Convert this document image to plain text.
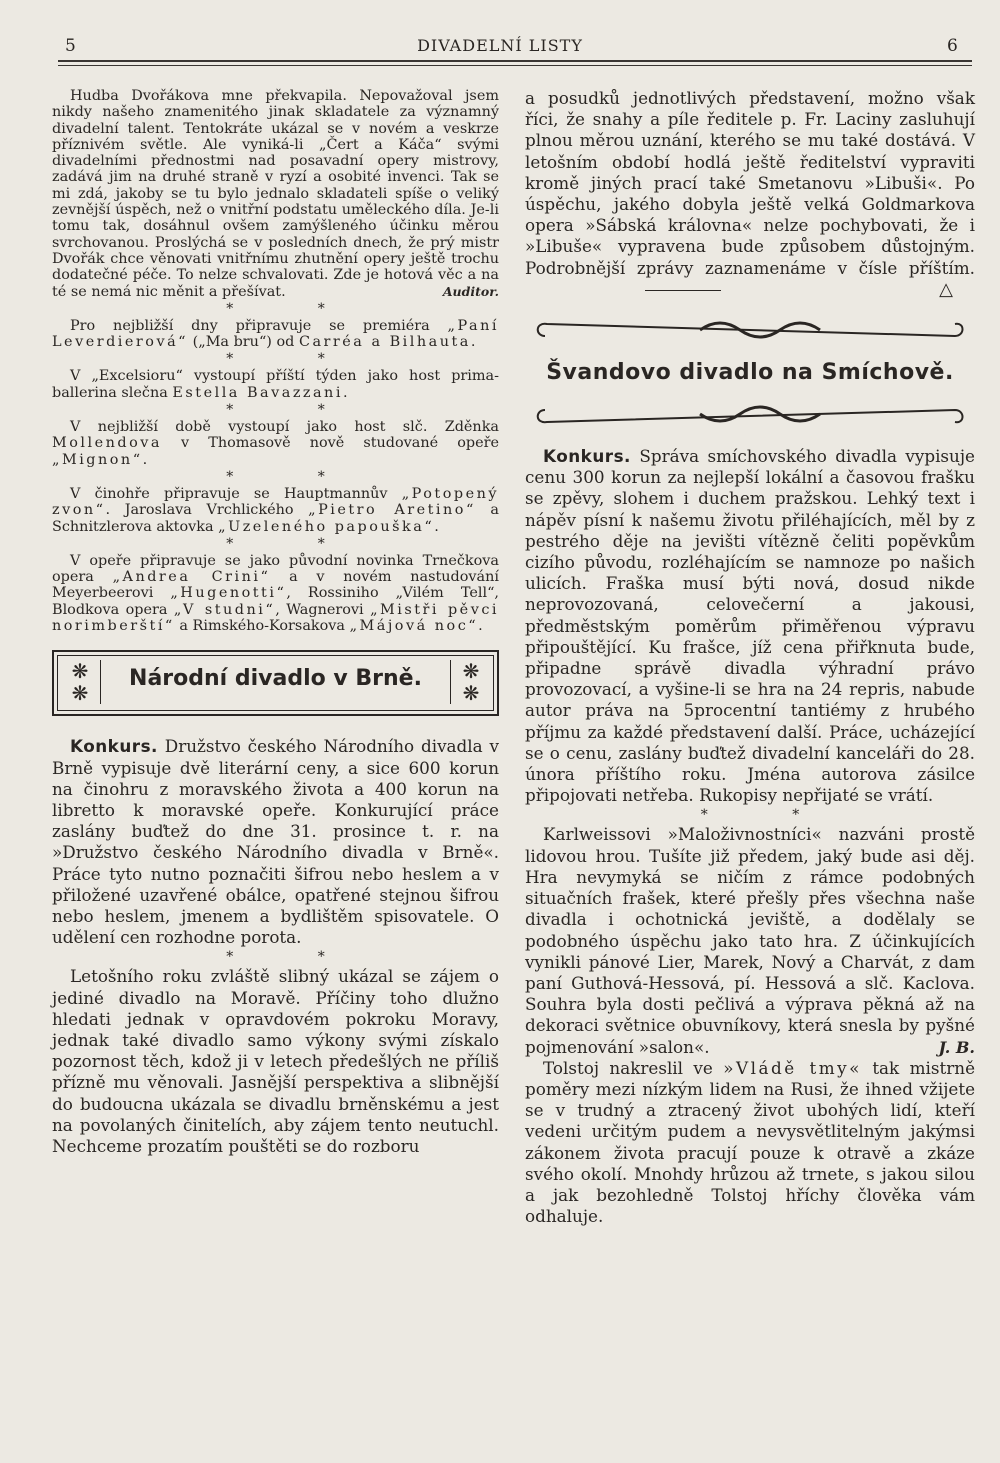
5	DIVADELNÍ LISTY	6

Hudba Dvořákova mne překvapila. Nepovažoval jsem nikdy našeho znamenitého jinak skladatele za významný divadelní talent. Tentokráte ukázal se v novém a veskrze příznivém světle. Ale vyniká-li „Čert a Káča“ svými divadelními přednostmi nad posavadní opery mistrovy, zadává jim na druhé straně v ryzí a osobité invenci. Tak se mi zdá, jakoby se tu bylo jednalo skladateli spíše o veliký zevnější úspěch, než o vnitřní podstatu uměleckého díla. Je-li tomu tak, dosáhnul ovšem zamýšleného účinku měrou svrchovanou. Proslýchá se v posledních dnech, že prý mistr Dvořák chce věnovati vnitřnímu zhutnění opery ještě trochu dodatečné péče. To nelze schvalovati. Zde je hotová věc a na té se nemá nic měnit a přešívat.	Auditor.

* *

Pro nejbližší dny připravuje se premiéra „Paní Leverdierová“ („Ma bru“) od Carréa a Bilhauta.

* *

V „Excelsioru“ vystoupí příští týden jako host prima-ballerina slečna Estella Bavazzani.

* *

V nejbližší době vystoupí jako host slč. Zděnka Mollendova v Thomasově nově studované opeře „Mignon“.

* *

V činohře připravuje se Hauptmannův „Potopený zvon“. Jaroslava Vrchlického „Pietro Aretino“ a Schnitzlerova aktovka „Uzeleného papouška“.

* *

V opeře připravuje se jako původní novinka Trnečkova opera „Andrea Crini“ a v novém nastudování Meyerbeerovi „Hugenotti“, Rossiniho „Vilém Tell“, Blodkova opera „V studni“, Wagnerovi „Mistři pěvci norimberští“ a Rimského-Korsakova „Májová noc“.

❋
❋
Národní divadlo v Brně.	❋
❋

Konkurs. Družstvo českého Národního divadla v Brně vypisuje dvě literární ceny, a sice 600 korun na činohru z moravského života a 400 korun na libretto k moravské opeře. Konkurující práce zaslány buďtež do dne 31. prosince t. r. na »Družstvo českého Národního divadla v Brně«. Práce tyto nutno poznačiti šifrou nebo heslem a v přiložené uzavřené obálce, opatřené stejnou šifrou nebo heslem, jmenem a bydlištěm spisovatele. O udělení cen rozhodne porota.

* *

Letošního roku zvláště slibný ukázal se zájem o jediné divadlo na Moravě. Příčiny toho dlužno hledati jednak v opravdovém pokroku Moravy, jednak také divadlo samo výkony svými získalo pozornost těch, kdož ji v letech předešlých ne příliš přízně mu věnovali. Jasnější perspektiva a slibnější do budoucna ukázala se divadlu brněnskému a jest na povolaných činitelích, aby zájem tento neutuchl. Nechceme prozatím pouštěti se do rozboru

a posudků jednotlivých představení, možno však říci, že snahy a píle ředitele p. Fr. Laciny zasluhují plnou měrou uznání, kterého se mu také dostává. V letošním období hodlá ještě ředitelství vypraviti kromě jiných prací také Smetanovu »Libuši«. Po úspěchu, jakého dobyla ještě velká Goldmarkova opera »Sábská královna« nelze pochybovati, že i »Libuše« vypravena bude způsobem důstojným. Podrobnější zprávy zaznamenáme v čísle příštím.
△

Švandovo divadlo na Smíchově.

Konkurs. Správa smíchovského divadla vypisuje cenu 300 korun za nejlepší lokální a časovou frašku se zpěvy, slohem i duchem pražskou. Lehký text i nápěv písní k našemu životu přiléhajících, měl by z pestrého děje na jevišti vítězně čeliti popěvkům cizího původu, rozléhajícím se namnoze po našich ulicích. Fraška musí býti nová, dosud nikde neprovozovaná, celovečerní a jakousi, předměstským poměrům přiměřenou výpravu připouštějící. Ku frašce, jíž cena přiřknuta bude, připadne správě divadla výhradní právo provozovací, a vyšine-li se hra na 24 repris, nabude autor práva na 5procentní tantiémy z hrubého příjmu za každé představení další. Práce, ucházející se o cenu, zaslány buďtež divadelní kanceláři do 28. února příštího roku. Jména autorova zásilce připojovati netřeba. Rukopisy nepřijaté se vrátí.

* *

Karlweissovi »Maloživnostníci« nazváni prostě lidovou hrou. Tušíte již předem, jaký bude asi děj. Hra nevymyká se ničím z rámce podobných situačních frašek, které přešly přes všechna naše divadla i ochotnická jeviště, a dodělaly se podobného úspěchu jako tato hra. Z účinkujících vynikli pánové Lier, Marek, Nový a Charvát, z dam paní Guthová-Hessová, pí. Hessová a slč. Kaclova. Souhra byla dosti pečlivá a výprava pěkná až na dekoraci světnice obuvníkovy, která snesla by pyšné pojmenování »salon«.	J. B.

Tolstoj nakreslil ve »Vládě tmy« tak mistrně poměry mezi nízkým lidem na Rusi, že ihned vžijete se v trudný a ztracený život ubohých lidí, kteří vedeni určitým pudem a nevysvětlitelným jakýmsi zákonem života pracují pouze k otravě a zkáze svého okolí. Mnohdy hrůzou až trnete, s jakou silou a jak bezohledně Tolstoj hříchy člověka vám odhaluje.
